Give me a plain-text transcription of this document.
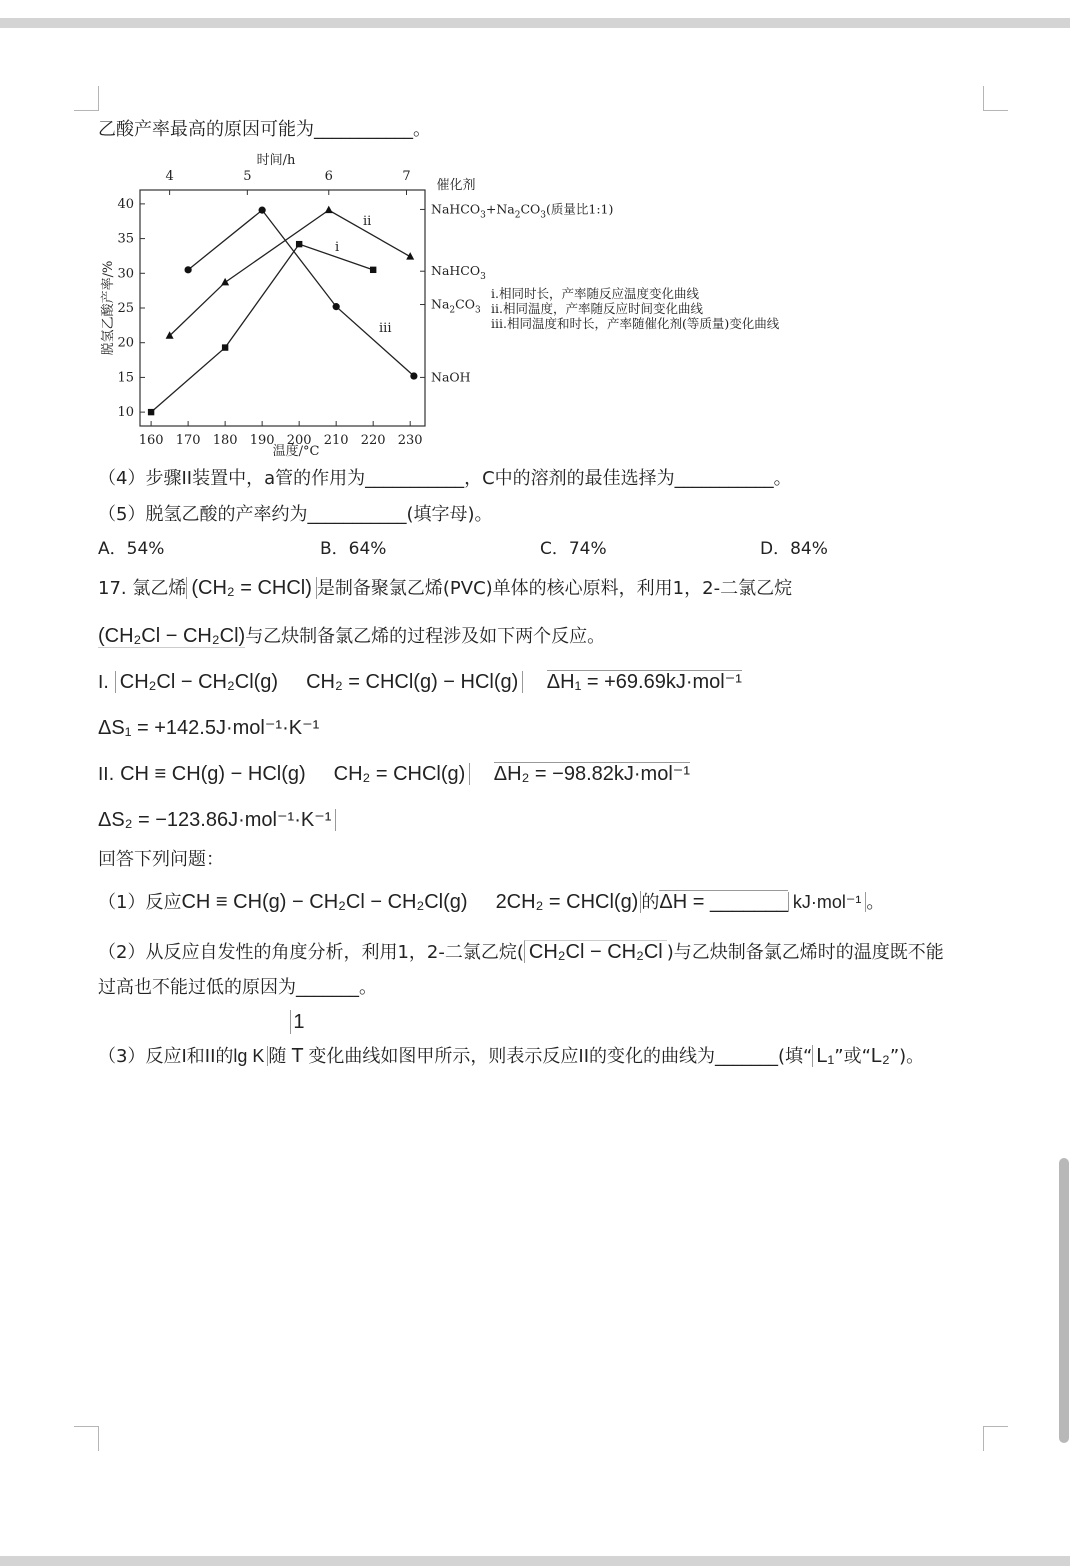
乙酸产率最高的原因可能为___________。
时间/h
温度/°C
脱氢乙酸产率/%
催化剂
4	5	6	7
160 170 180 190 200 210 220 230
10
15
20
25
30
35
40	$NaHCO_3+Na_2CO_3$(质量比1:1)
NaHCO$_3$
$Na_2CO_3$
NaOH
i
ii
iii
i.相同时长，产率随反应温度变化曲线
ii.相同温度，产率随反应时间变化曲线
iii.相同温度和时长，产率随催化剂(等质量)变化曲线
（4）步骤II装置中，a管的作用为___________，C中的溶剂的最佳选择为___________。
（5）脱氢乙酸的产率约为___________(填字母)。
A．54%	B．64%	C．74%	D．84%
17. 氯乙烯 (CH₂ = CHCl) 是制备聚氯乙烯(PVC)单体的核心原料，利用1，2-二氯乙烷
(CH₂Cl − CH₂Cl)与乙炔制备氯乙烯的过程涉及如下两个反应。
I. CH₂Cl − CH₂Cl(g) CH₂ = CHCl(g) − HCl(g) ΔH₁ = +69.69kJ·mol⁻¹
ΔS₁ = +142.5J·mol⁻¹·K⁻¹
II. CH ≡ CH(g) − HCl(g) CH₂ = CHCl(g) ΔH₂ = −98.82kJ·mol⁻¹
ΔS₂ = −123.86J·mol⁻¹·K⁻¹
回答下列问题：
（1）反应CH ≡ CH(g) − CH₂Cl − CH₂Cl(g) 2CH₂ = CHCl(g) 的ΔH = _______ kJ·mol⁻¹ 。
（2）从反应自发性的角度分析，利用1，2-二氯乙烷( CH₂Cl − CH₂Cl )与乙炔制备氯乙烯时的温度既不能
过高也不能过低的原因为_______。
（3）反应I和II的lg K 随
1
T 变化曲线如图甲所示，则表示反应II的变化的曲线为_______(填“ L₁”或“L₂”)。
